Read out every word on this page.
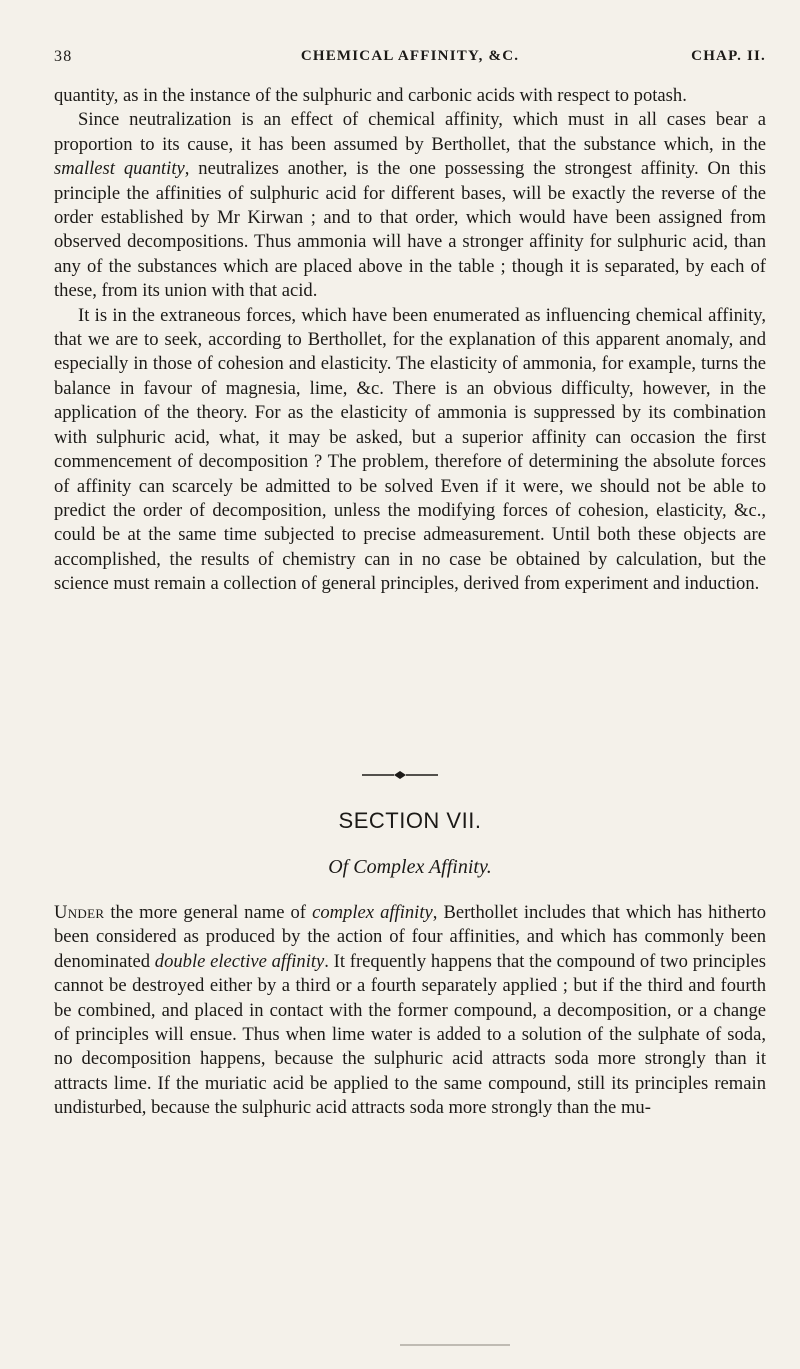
38	CHEMICAL AFFINITY, &C.	CHAP. II.

quantity, as in the instance of the sulphuric and carbonic acids with respect to potash.

Since neutralization is an effect of chemical affinity, which must in all cases bear a proportion to its cause, it has been assumed by Berthollet, that the substance which, in the smallest quantity, neutralizes another, is the one possessing the strongest affinity. On this principle the affinities of sulphuric acid for different bases, will be exactly the reverse of the order established by Mr Kirwan ; and to that order, which would have been assigned from observed decompositions. Thus ammonia will have a stronger affinity for sulphuric acid, than any of the substances which are placed above in the table ; though it is separated, by each of these, from its union with that acid.

It is in the extraneous forces, which have been enumerated as influencing chemical affinity, that we are to seek, according to Berthollet, for the explanation of this apparent anomaly, and especially in those of cohesion and elasticity. The elasticity of ammonia, for example, turns the balance in favour of magnesia, lime, &c. There is an obvious difficulty, however, in the application of the theory. For as the elasticity of ammonia is suppressed by its combination with sulphuric acid, what, it may be asked, but a superior affinity can occasion the first commencement of decomposition ? The problem, therefore of determining the absolute forces of affinity can scarcely be admitted to be solved Even if it were, we should not be able to predict the order of decomposition, unless the modifying forces of cohesion, elasticity, &c., could be at the same time subjected to precise admeasurement. Until both these objects are accomplished, the results of chemistry can in no case be obtained by calculation, but the science must remain a collection of general principles, derived from experiment and induction.

SECTION VII.
Of Complex Affinity.

Under the more general name of complex affinity, Berthollet includes that which has hitherto been considered as produced by the action of four affinities, and which has commonly been denominated double elective affinity. It frequently happens that the compound of two principles cannot be destroyed either by a third or a fourth separately applied ; but if the third and fourth be combined, and placed in contact with the former compound, a decomposition, or a change of principles will ensue. Thus when lime water is added to a solution of the sulphate of soda, no decomposition happens, because the sulphuric acid attracts soda more strongly than it attracts lime. If the muriatic acid be applied to the same compound, still its principles remain undisturbed, because the sulphuric acid attracts soda more strongly than the mu-
